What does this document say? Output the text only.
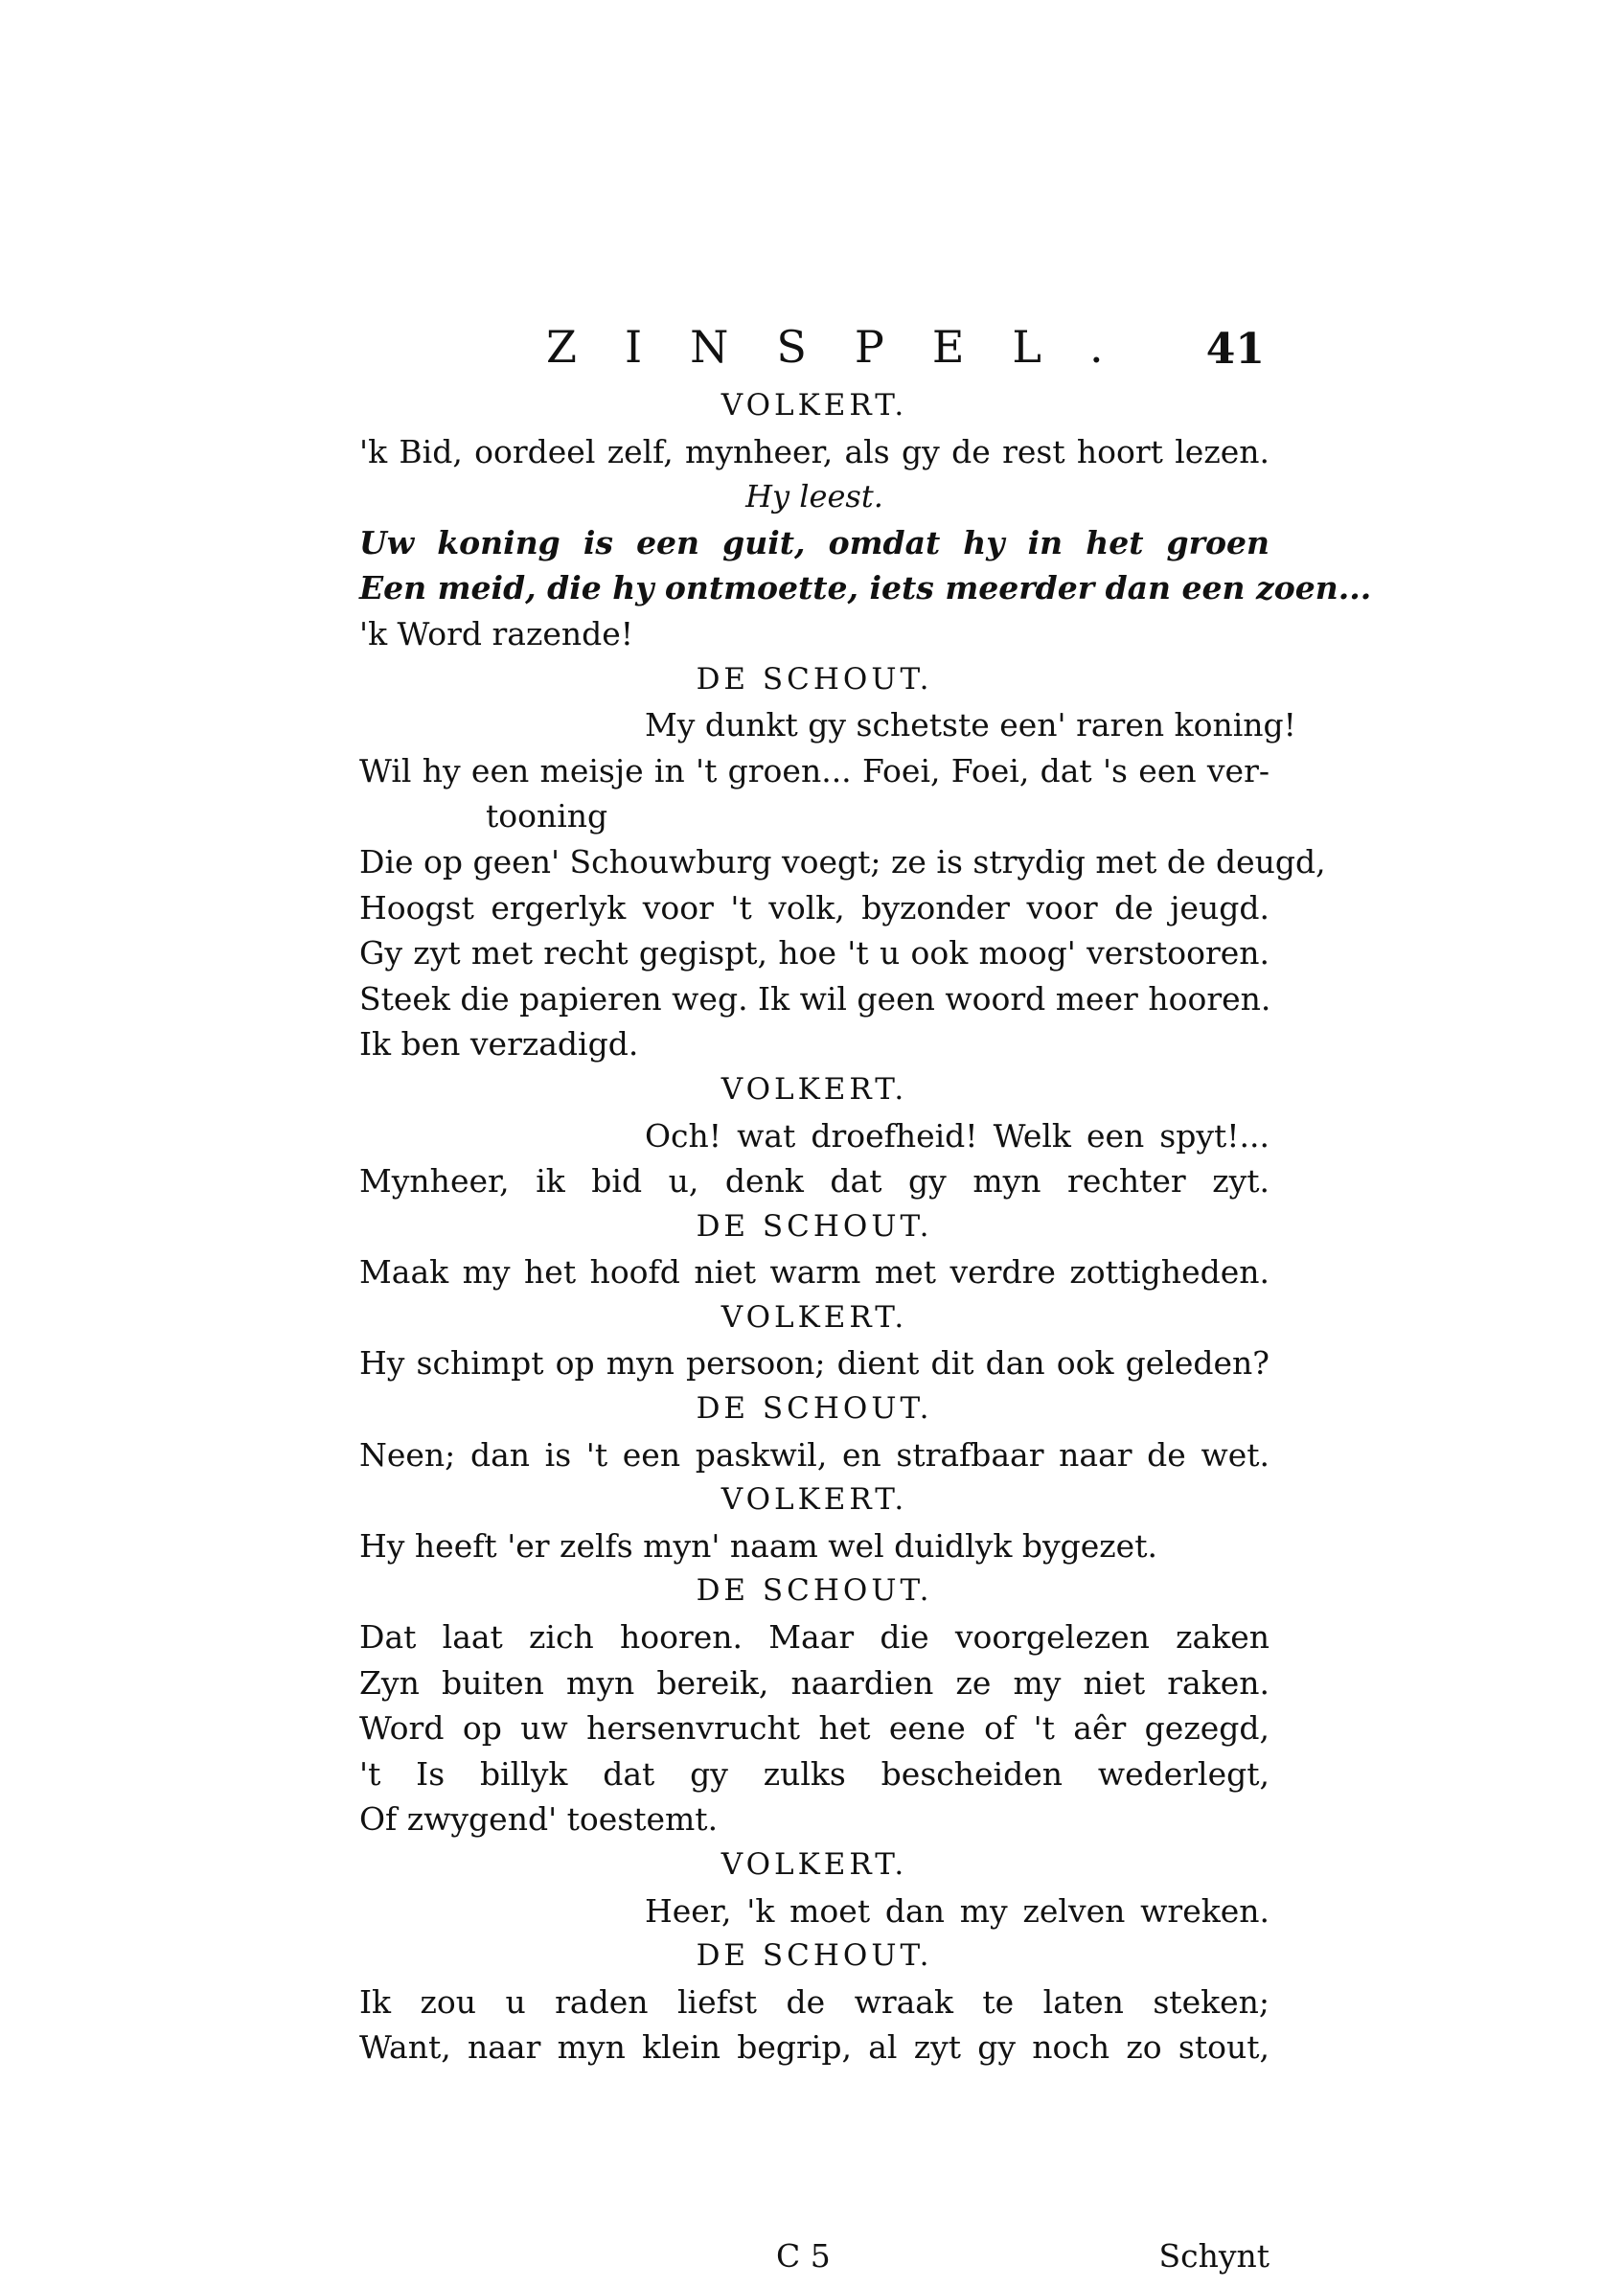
ZINSPEL. 41
VOLKERT.
'k Bid, oordeel zelf, mynheer, als gy de rest hoort lezen.
Hy leest.
Uw koning is een guit, omdat hy in het groen
Een meid, die hy ontmoette, iets meerder dan een zoen...
'k Word razende!
DE SCHOUT.
My dunkt gy schetste een' raren koning!
Wil hy een meisje in 't groen... Foei, Foei, dat 's een ver-
tooning
Die op geen' Schouwburg voegt; ze is strydig met de deugd,
Hoogst ergerlyk voor 't volk, byzonder voor de jeugd.
Gy zyt met recht gegispt, hoe 't u ook moog' verstooren.
Steek die papieren weg. Ik wil geen woord meer hooren.
Ik ben verzadigd.
VOLKERT.
Och! wat droefheid! Welk een spyt!...
Mynheer, ik bid u, denk dat gy myn rechter zyt.
DE SCHOUT.
Maak my het hoofd niet warm met verdre zottigheden.
VOLKERT.
Hy schimpt op myn persoon; dient dit dan ook geleden?
DE SCHOUT.
Neen; dan is 't een paskwil, en strafbaar naar de wet.
VOLKERT.
Hy heeft 'er zelfs myn' naam wel duidlyk bygezet.
DE SCHOUT.
Dat laat zich hooren. Maar die voorgelezen zaken
Zyn buiten myn bereik, naardien ze my niet raken.
Word op uw hersenvrucht het eene of 't aêr gezegd,
't Is billyk dat gy zulks bescheiden wederlegt,
Of zwygend' toestemt.
VOLKERT.
Heer, 'k moet dan my zelven wreken.
DE SCHOUT.
Ik zou u raden liefst de wraak te laten steken;
Want, naar myn klein begrip, al zyt gy noch zo stout,
C 5	Schynt
